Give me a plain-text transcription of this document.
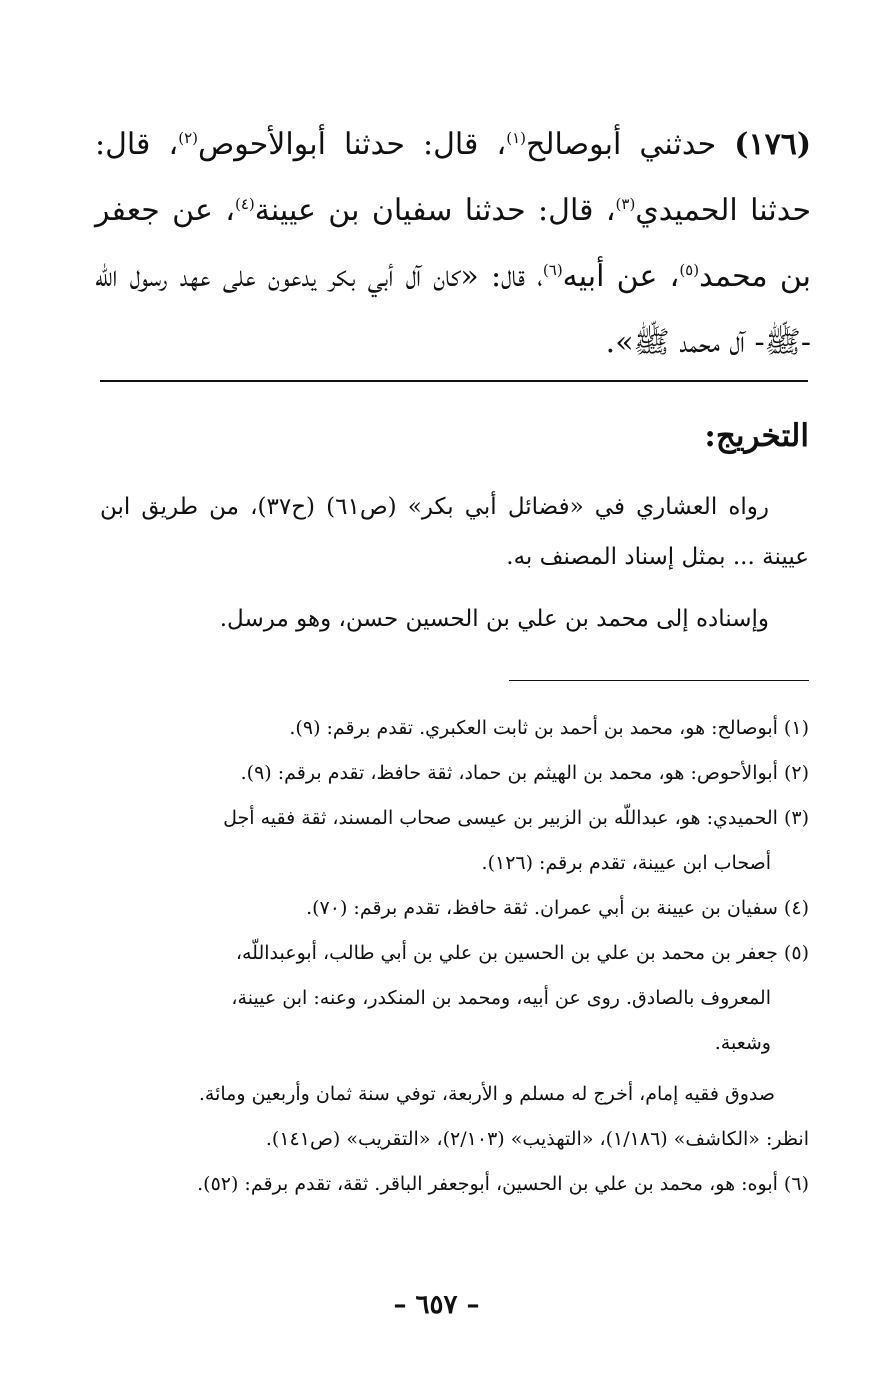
(١٧٦) حدثني أبوصالح$^{(١)}$، قال: حدثنا أبوالأحوص$^{(٢)}$، قال: حدثنا الحميدي$^{(٣)}$، قال: حدثنا سفيان بن عيينة$^{(٤)}$، عن جعفر بن محمد$^{(٥)}$، عن أبيه$^{(٦)}$، قال: «كان آل أبي بكر يدعون على عهد رسول اللّه -ﷺ- آل محمد ﷺ».

التخريج:

رواه العشاري في «فضائل أبي بكر» (ص٦١) (ح٣٧)، من طريق ابن عيينة ... بمثل إسناد المصنف به.

وإسناده إلى محمد بن علي بن الحسين حسن، وهو مرسل.

(١) أبوصالح: هو، محمد بن أحمد بن ثابت العكبري. تقدم برقم: (٩).

(٢) أبوالأحوص: هو، محمد بن الهيثم بن حماد، ثقة حافظ، تقدم برقم: (٩).

(٣) الحميدي: هو، عبداللّه بن الزبير بن عيسى صحاب المسند، ثقة فقيه أجل

أصحاب ابن عيينة، تقدم برقم: (١٢٦).

(٤) سفيان بن عيينة بن أبي عمران. ثقة حافظ، تقدم برقم: (٧٠).

(٥) جعفر بن محمد بن علي بن الحسين بن علي بن أبي طالب، أبوعبداللّه،

المعروف بالصادق. روى عن أبيه، ومحمد بن المنكدر، وعنه: ابن عيينة،

وشعبة.

صدوق فقيه إمام، أخرج له مسلم و الأربعة، توفي سنة ثمان وأربعين ومائة.

انظر: «الكاشف» (١/١٨٦)، «التهذيب» (٢/١٠٣)، «التقريب» (ص١٤١).

(٦) أبوه: هو، محمد بن علي بن الحسين، أبوجعفر الباقر. ثقة، تقدم برقم: (٥٢).

– ٦٥٧ –
